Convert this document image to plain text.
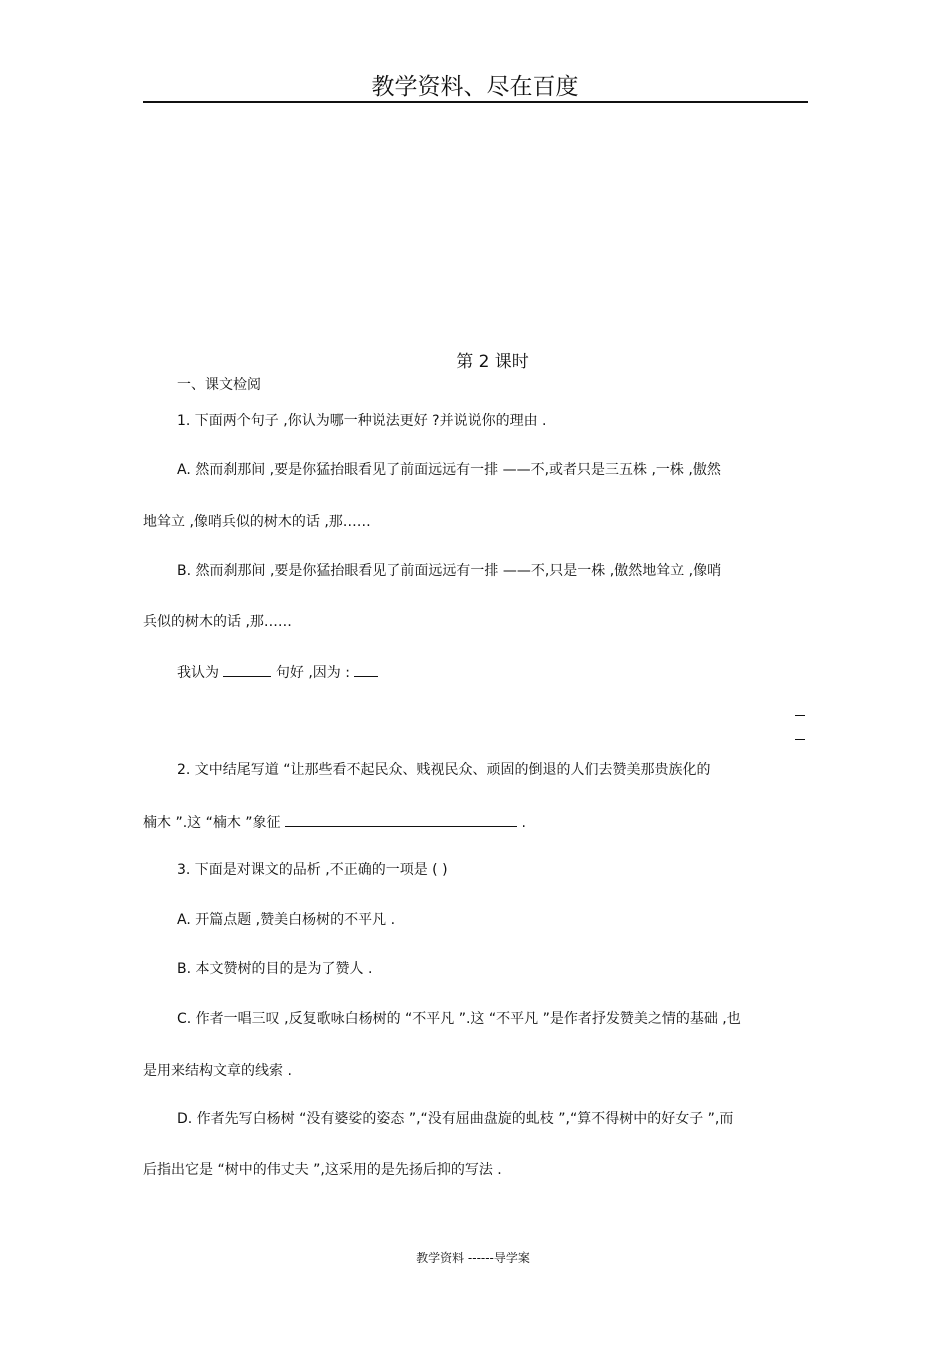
教学资料、尽在百度
第 2 课时
一、课文检阅
1. 下面两个句子 ,你认为哪一种说法更好 ?并说说你的理由 .
A. 然而刹那间 ,要是你猛抬眼看见了前面远远有一排 ——不,或者只是三五株 ,一株 ,傲然
地耸立 ,像哨兵似的树木的话 ,那……
B. 然而刹那间 ,要是你猛抬眼看见了前面远远有一排 ——不,只是一株 ,傲然地耸立 ,像哨
兵似的树木的话 ,那……
我认为	句好 ,因为 :
2. 文中结尾写道 “让那些看不起民众、贱视民众、顽固的倒退的人们去赞美那贵族化的
楠木 ”.这 “楠木 ”象征	.
3. 下面是对课文的品析 ,不正确的一项是 ( )
A. 开篇点题 ,赞美白杨树的不平凡 .
B. 本文赞树的目的是为了赞人 .
C. 作者一唱三叹 ,反复歌咏白杨树的 “不平凡 ”.这 “不平凡 ”是作者抒发赞美之情的基础 ,也
是用来结构文章的线索 .
D. 作者先写白杨树 “没有婆娑的姿态 ”,“没有屈曲盘旋的虬枝 ”,“算不得树中的好女子 ”,而
后指出它是 “树中的伟丈夫 ”,这采用的是先扬后抑的写法 .
教学资料 ------导学案
